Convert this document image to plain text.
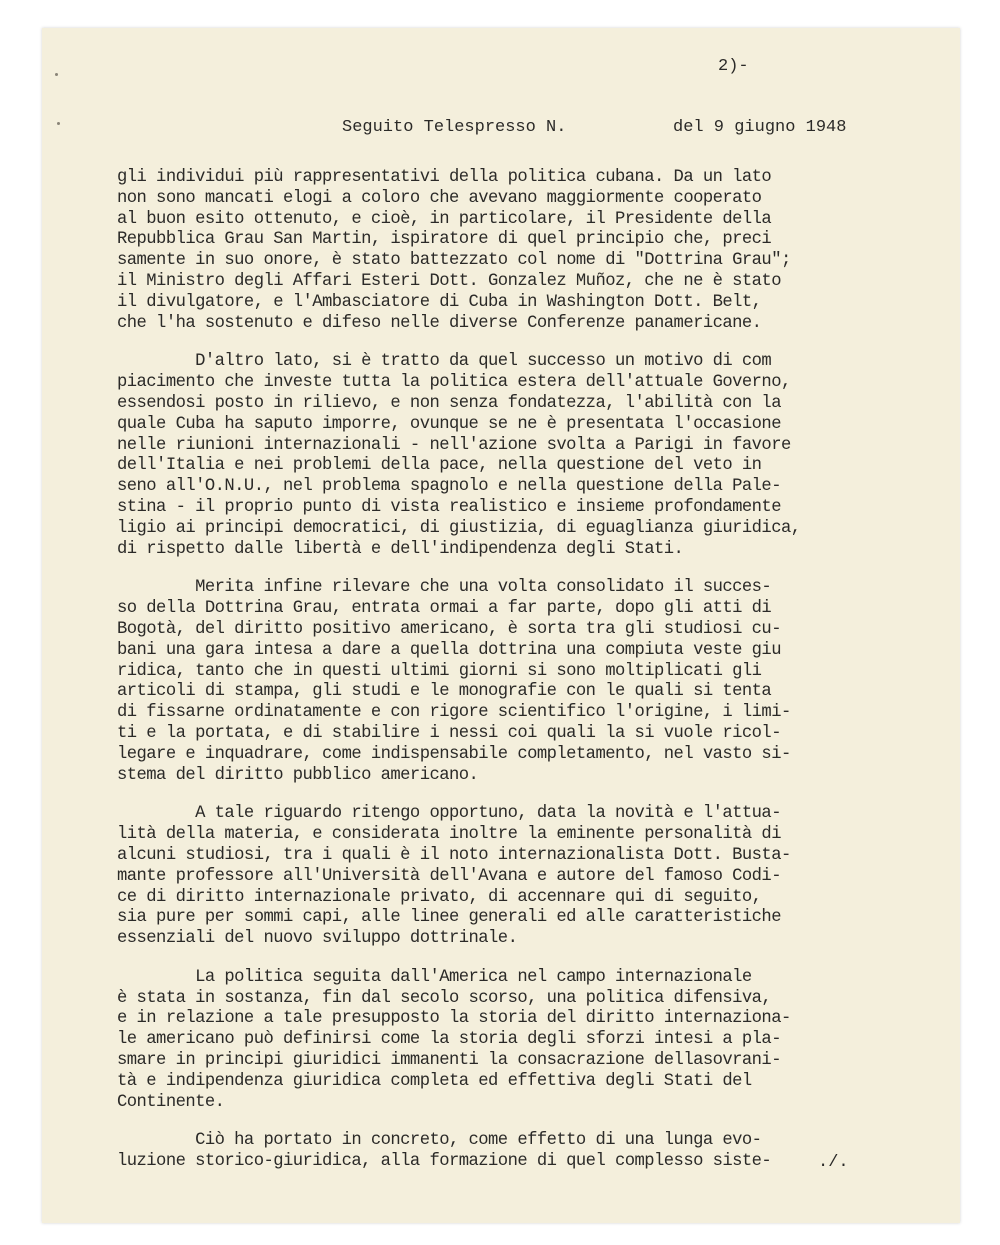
2)-
Seguito Telespresso N.	del 9 giugno 1948
gli individui più rappresentativi della politica cubana. Da un lato
non sono mancati elogi a coloro che avevano maggiormente cooperato
al buon esito ottenuto, e cioè, in particolare, il Presidente della
Repubblica Grau San Martin, ispiratore di quel principio che, preci
samente in suo onore, è stato battezzato col nome di "Dottrina Grau";
il Ministro degli Affari Esteri Dott. Gonzalez Muñoz, che ne è stato
il divulgatore, e l'Ambasciatore di Cuba in Washington Dott. Belt,
che l'ha sostenuto e difeso nelle diverse Conferenze panamericane.
D'altro lato, si è tratto da quel successo un motivo di com
piacimento che investe tutta la politica estera dell'attuale Governo,
essendosi posto in rilievo, e non senza fondatezza, l'abilità con la
quale Cuba ha saputo imporre, ovunque se ne è presentata l'occasione
nelle riunioni internazionali - nell'azione svolta a Parigi in favore
dell'Italia e nei problemi della pace, nella questione del veto in
seno all'O.N.U., nel problema spagnolo e nella questione della Pale-
stina - il proprio punto di vista realistico e insieme profondamente
ligio ai principi democratici, di giustizia, di eguaglianza giuridica,
di rispetto dalle libertà e dell'indipendenza degli Stati.
Merita infine rilevare che una volta consolidato il succes-
so della Dottrina Grau, entrata ormai a far parte, dopo gli atti di
Bogotà, del diritto positivo americano, è sorta tra gli studiosi cu-
bani una gara intesa a dare a quella dottrina una compiuta veste giu
ridica, tanto che in questi ultimi giorni si sono moltiplicati gli
articoli di stampa, gli studi e le monografie con le quali si tenta
di fissarne ordinatamente e con rigore scientifico l'origine, i limi-
ti e la portata, e di stabilire i nessi coi quali la si vuole ricol-
legare e inquadrare, come indispensabile completamento, nel vasto si-
stema del diritto pubblico americano.
A tale riguardo ritengo opportuno, data la novità e l'attua-
lità della materia, e considerata inoltre la eminente personalità di
alcuni studiosi, tra i quali è il noto internazionalista Dott. Busta-
mante professore all'Università dell'Avana e autore del famoso Codi-
ce di diritto internazionale privato, di accennare qui di seguito,
sia pure per sommi capi, alle linee generali ed alle caratteristiche
essenziali del nuovo sviluppo dottrinale.
La politica seguita dall'America nel campo internazionale
è stata in sostanza, fin dal secolo scorso, una politica difensiva,
e in relazione a tale presupposto la storia del diritto internaziona-
le americano può definirsi come la storia degli sforzi intesi a pla-
smare in principi giuridici immanenti la consacrazione dellasovrani-
tà e indipendenza giuridica completa ed effettiva degli Stati del
Continente.
Ciò ha portato in concreto, come effetto di una lunga evo-
luzione storico-giuridica, alla formazione di quel complesso siste-	./.
